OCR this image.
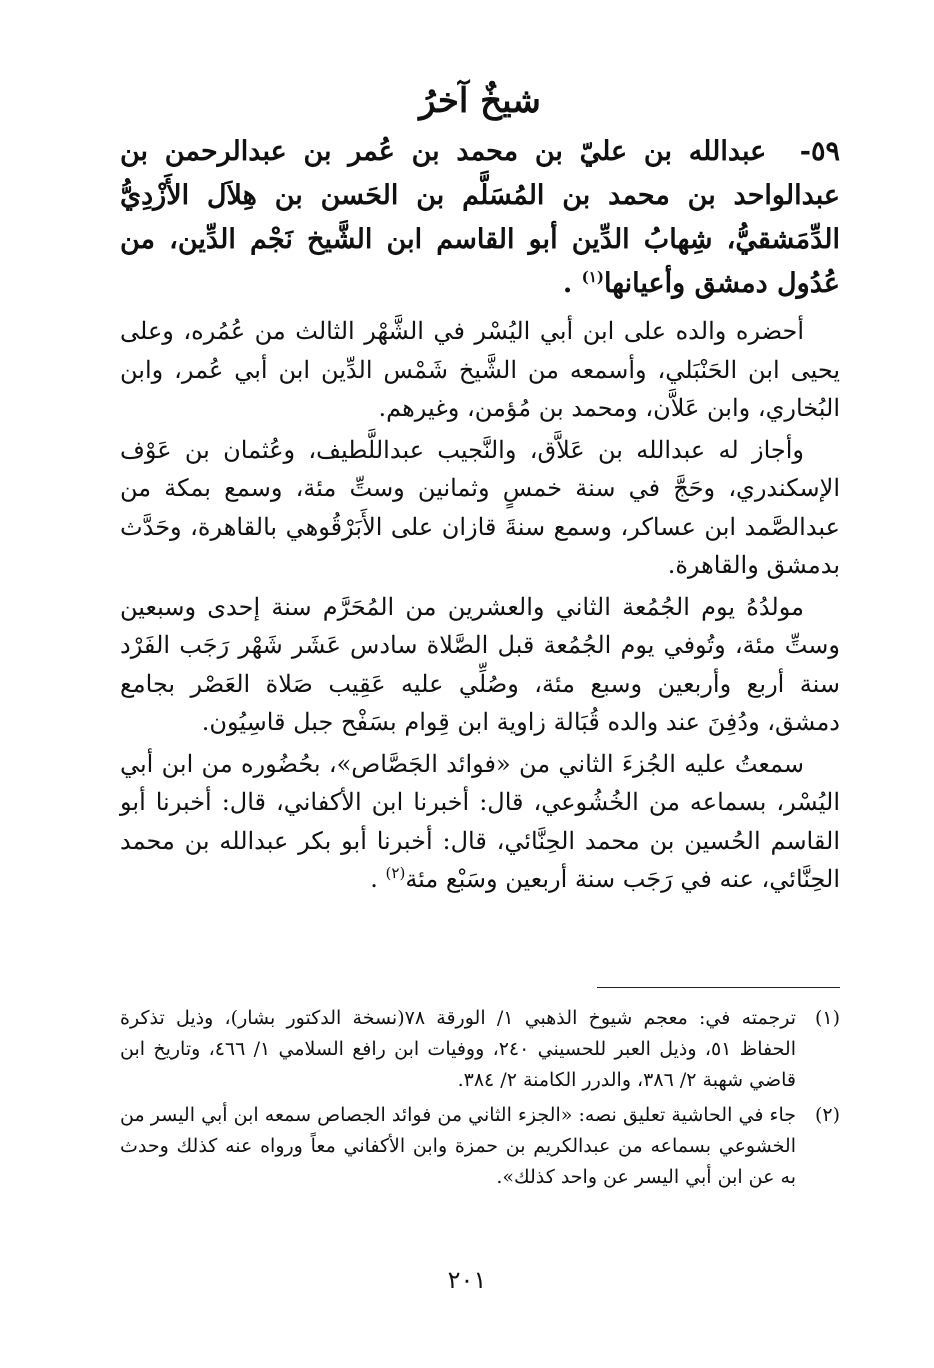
شيخٌ آخرُ

٥٩-  عبدالله بن عليّ بن محمد بن عُمر بن عبدالرحمن بن عبدالواحد بن محمد بن المُسَلَّم بن الحَسن بن هِلاَل الأَزْدِيُّ الدِّمَشقيُّ، شِهابُ الدِّين أبو القاسم ابن الشَّيخ نَجْم الدِّين، من عُدُول دمشق وأعيانها$^{(١)}$ .

أحضره والده على ابن أبي اليُسْر في الشَّهْر الثالث من عُمُره، وعلى يحيى ابن الحَنْبَلي، وأسمعه من الشَّيخ شَمْس الدِّين ابن أبي عُمر، وابن البُخاري، وابن عَلاَّن، ومحمد بن مُؤمن، وغيرهم.

وأجاز له عبدالله بن عَلاَّق، والنَّجيب عبداللَّطيف، وعُثمان بن عَوْف الإسكندري، وحَجَّ في سنة خمسٍ وثمانين وستِّ مئة، وسمع بمكة من عبدالصَّمد ابن عساكر، وسمع سنةَ قازان على الأَبَرْقُوهي بالقاهرة، وحَدَّث بدمشق والقاهرة.

مولدُهُ يوم الجُمُعة الثاني والعشرين من المُحَرَّم سنة إحدى وسبعين وستِّ مئة، وتُوفي يوم الجُمُعة قبل الصَّلاة سادس عَشَر شَهْر رَجَب الفَرْد سنة أربع وأربعين وسبع مئة، وصُلِّي عليه عَقِيب صَلاة العَصْر بجامع دمشق، ودُفِنَ عند والده قُبَالة زاوية ابن قِوام بسَفْح جبل قاسِيُون.

سمعتُ عليه الجُزءَ الثاني من «فوائد الجَصَّاص»، بحُضُوره من ابن أبي اليُسْر، بسماعه من الخُشُوعي، قال: أخبرنا ابن الأكفاني، قال: أخبرنا أبو القاسم الحُسين بن محمد الحِنَّائي، قال: أخبرنا أبو بكر عبدالله بن محمد الحِنَّائي، عنه في رَجَب سنة أربعين وسَبْع مئة$^{(٢)}$ .

(١)
ترجمته في: معجم شيوخ الذهبي ١/ الورقة ٧٨(نسخة الدكتور بشار)، وذيل تذكرة الحفاظ ٥١، وذيل العبر للحسيني ٢٤٠، ووفيات ابن رافع السلامي ١/ ٤٦٦، وتاريخ ابن قاضي شهبة ٢/ ٣٨٦، والدرر الكامنة ٢/ ٣٨٤.
(٢)
جاء في الحاشية تعليق نصه: «الجزء الثاني من فوائد الجصاص سمعه ابن أبي اليسر من الخشوعي بسماعه من عبدالكريم بن حمزة وابن الأكفاني معاً ورواه عنه كذلك وحدث به عن ابن أبي اليسر عن واحد كذلك».
٢٠١
